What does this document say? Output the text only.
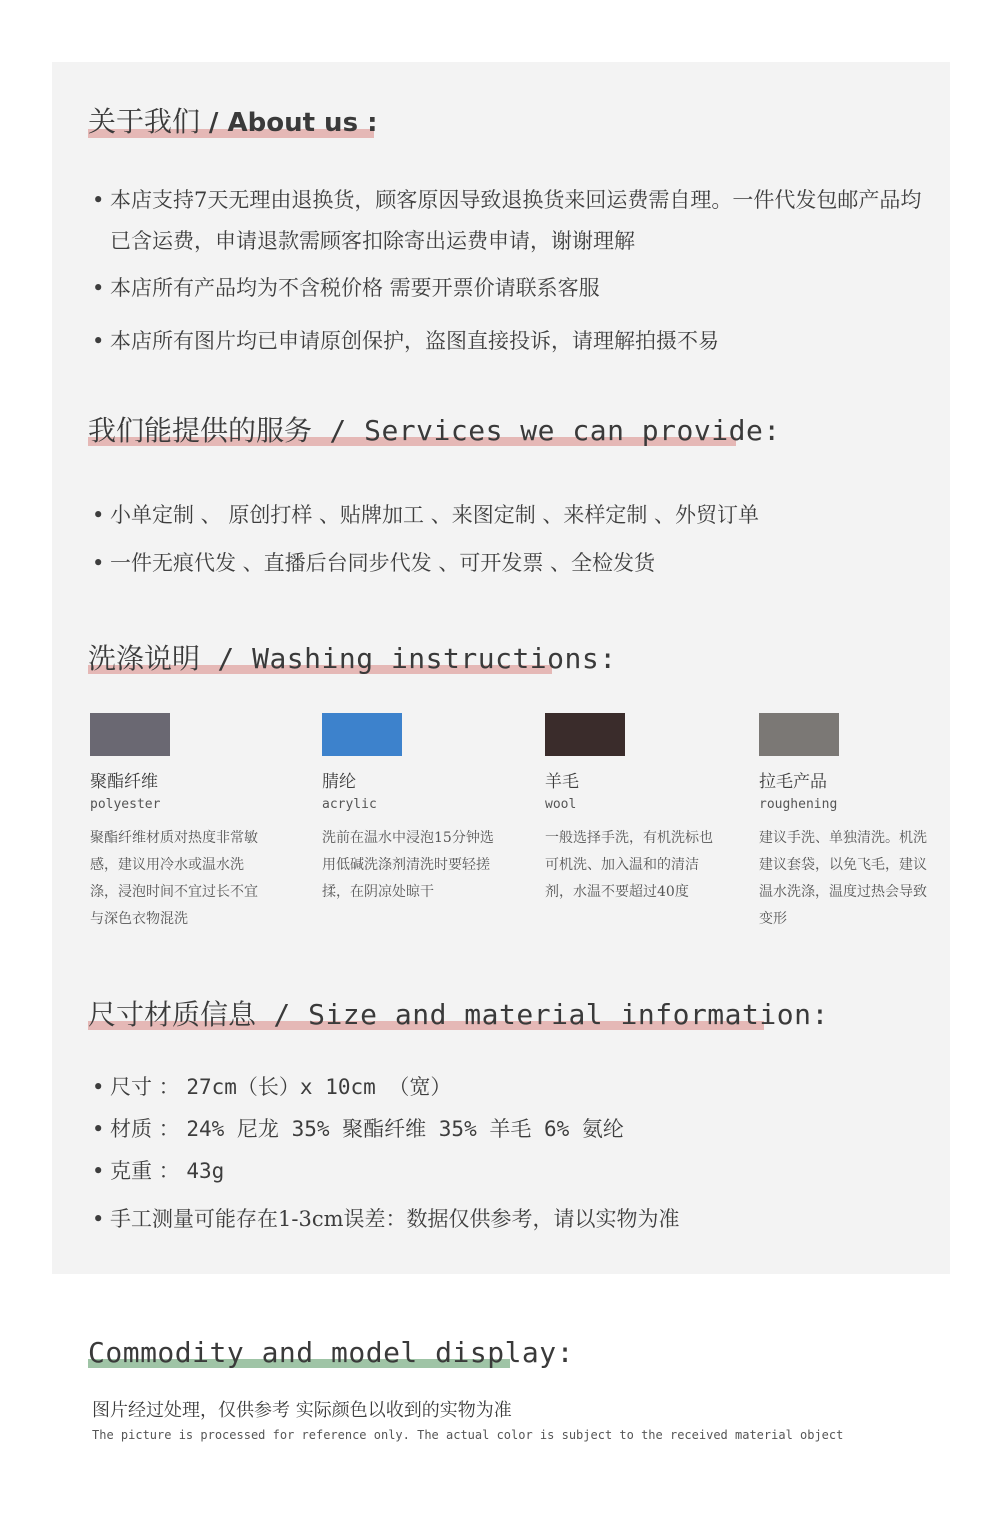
关于我们 / About us :
• 本店支持7天无理由退换货，顾客原因导致退换货来回运费需自理。一件代发包邮产品均已含运费，申请退款需顾客扣除寄出运费申请，谢谢理解
• 本店所有产品均为不含税价格 需要开票价请联系客服
• 本店所有图片均已申请原创保护，盗图直接投诉，请理解拍摄不易
我们能提供的服务 / Services we can provide:
• 小单定制 、 原创打样 、贴牌加工 、来图定制 、来样定制 、外贸订单
• 一件无痕代发 、直播后台同步代发 、可开发票 、全检发货
洗涤说明 / Washing instructions:
聚酯纤维
polyester
聚酯纤维材质对热度非常敏感，建议用冷水或温水洗涤，浸泡时间不宜过长不宜与深色衣物混洗
腈纶
acrylic
洗前在温水中浸泡15分钟选用低碱洗涤剂清洗时要轻搓揉，在阴凉处晾干
羊毛
wool
一般选择手洗，有机洗标也可机洗、加入温和的清洁剂，水温不要超过40度
拉毛产品
roughening
建议手洗、单独清洗。机洗建议套袋，以免飞毛，建议温水洗涤，温度过热会导致变形
尺寸材质信息 / Size and material information:
• 尺寸 ： 27cm（长）x 10cm （宽）
• 材质 ： 24% 尼龙 35% 聚酯纤维 35% 羊毛 6% 氨纶
• 克重 ： 43g
• 手工测量可能存在1-3cm误差：数据仅供参考，请以实物为准
Commodity and model display:
图片经过处理，仅供参考 实际颜色以收到的实物为准
The picture is processed for reference only. The actual color is subject to the received material object
